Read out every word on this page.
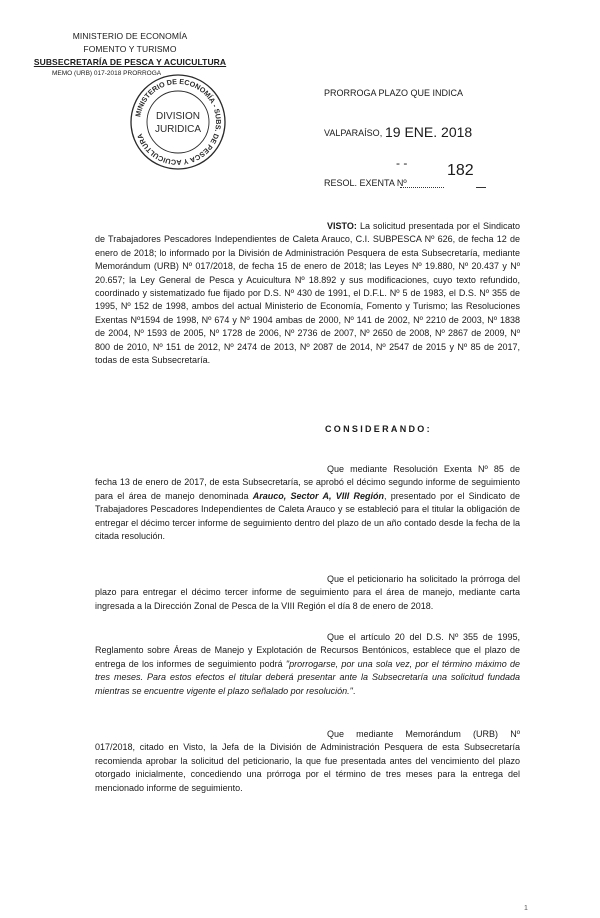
MINISTERIO DE ECONOMÍA
FOMENTO Y TURISMO
SUBSECRETARÍA DE PESCA Y ACUICULTURA
MEMO (URB) 017-2018 PRORROGA
MINISTERIO DE ECONOMÍA - SUBS. DE PESCA Y ACUICULTURA
DIVISION
JURIDICA
PRORROGA PLAZO QUE INDICA
VALPARAÍSO, 19 ENE. 2018
- -
RESOL. EXENTA Nº
182

VISTO: La solicitud presentada por el Sindicato de Trabajadores Pescadores Independientes de Caleta Arauco, C.I. SUBPESCA Nº 626, de fecha 12 de enero de 2018; lo informado por la División de Administración Pesquera de esta Subsecretaría, mediante Memorándum (URB) Nº 017/2018, de fecha 15 de enero de 2018; las Leyes Nº 19.880, Nº 20.437 y Nº 20.657; la Ley General de Pesca y Acuicultura Nº 18.892 y sus modificaciones, cuyo texto refundido, coordinado y sistematizado fue fijado por D.S. Nº 430 de 1991, el D.F.L. Nº 5 de 1983, el D.S. Nº 355 de 1995, Nº 152 de 1998, ambos del actual Ministerio de Economía, Fomento y Turismo; las Resoluciones Exentas Nº1594 de 1998, Nº 674 y Nº 1904 ambas de 2000, Nº 141 de 2002, Nº 2210 de 2003, Nº 1838 de 2004, Nº 1593 de 2005, Nº 1728 de 2006, Nº 2736 de 2007, Nº 2650 de 2008, Nº 2867 de 2009, Nº 800 de 2010, Nº 151 de 2012, Nº 2474 de 2013, Nº 2087 de 2014, Nº 2547 de 2015 y Nº 85 de 2017, todas de esta Subsecretaría.

CONSIDERANDO:

Que mediante Resolución Exenta Nº 85 de fecha 13 de enero de 2017, de esta Subsecretaría, se aprobó el décimo segundo informe de seguimiento para el área de manejo denominada Arauco, Sector A, VIII Región, presentado por el Sindicato de Trabajadores Pescadores Independientes de Caleta Arauco y se estableció para el titular la obligación de entregar el décimo tercer informe de seguimiento dentro del plazo de un año contado desde la fecha de la citada resolución.

Que el peticionario ha solicitado la prórroga del plazo para entregar el décimo tercer informe de seguimiento para el área de manejo, mediante carta ingresada a la Dirección Zonal de Pesca de la VIII Región el día 8 de enero de 2018.

Que el artículo 20 del D.S. Nº 355 de 1995, Reglamento sobre Áreas de Manejo y Explotación de Recursos Bentónicos, establece que el plazo de entrega de los informes de seguimiento podrá "prorrogarse, por una sola vez, por el término máximo de tres meses. Para estos efectos el titular deberá presentar ante la Subsecretaría una solicitud fundada mientras se encuentre vigente el plazo señalado por resolución.".

Que mediante Memorándum (URB) Nº 017/2018, citado en Visto, la Jefa de la División de Administración Pesquera de esta Subsecretaría recomienda aprobar la solicitud del peticionario, la que fue presentada antes del vencimiento del plazo otorgado inicialmente, concediendo una prórroga por el término de tres meses para la entrega del mencionado informe de seguimiento.

1
